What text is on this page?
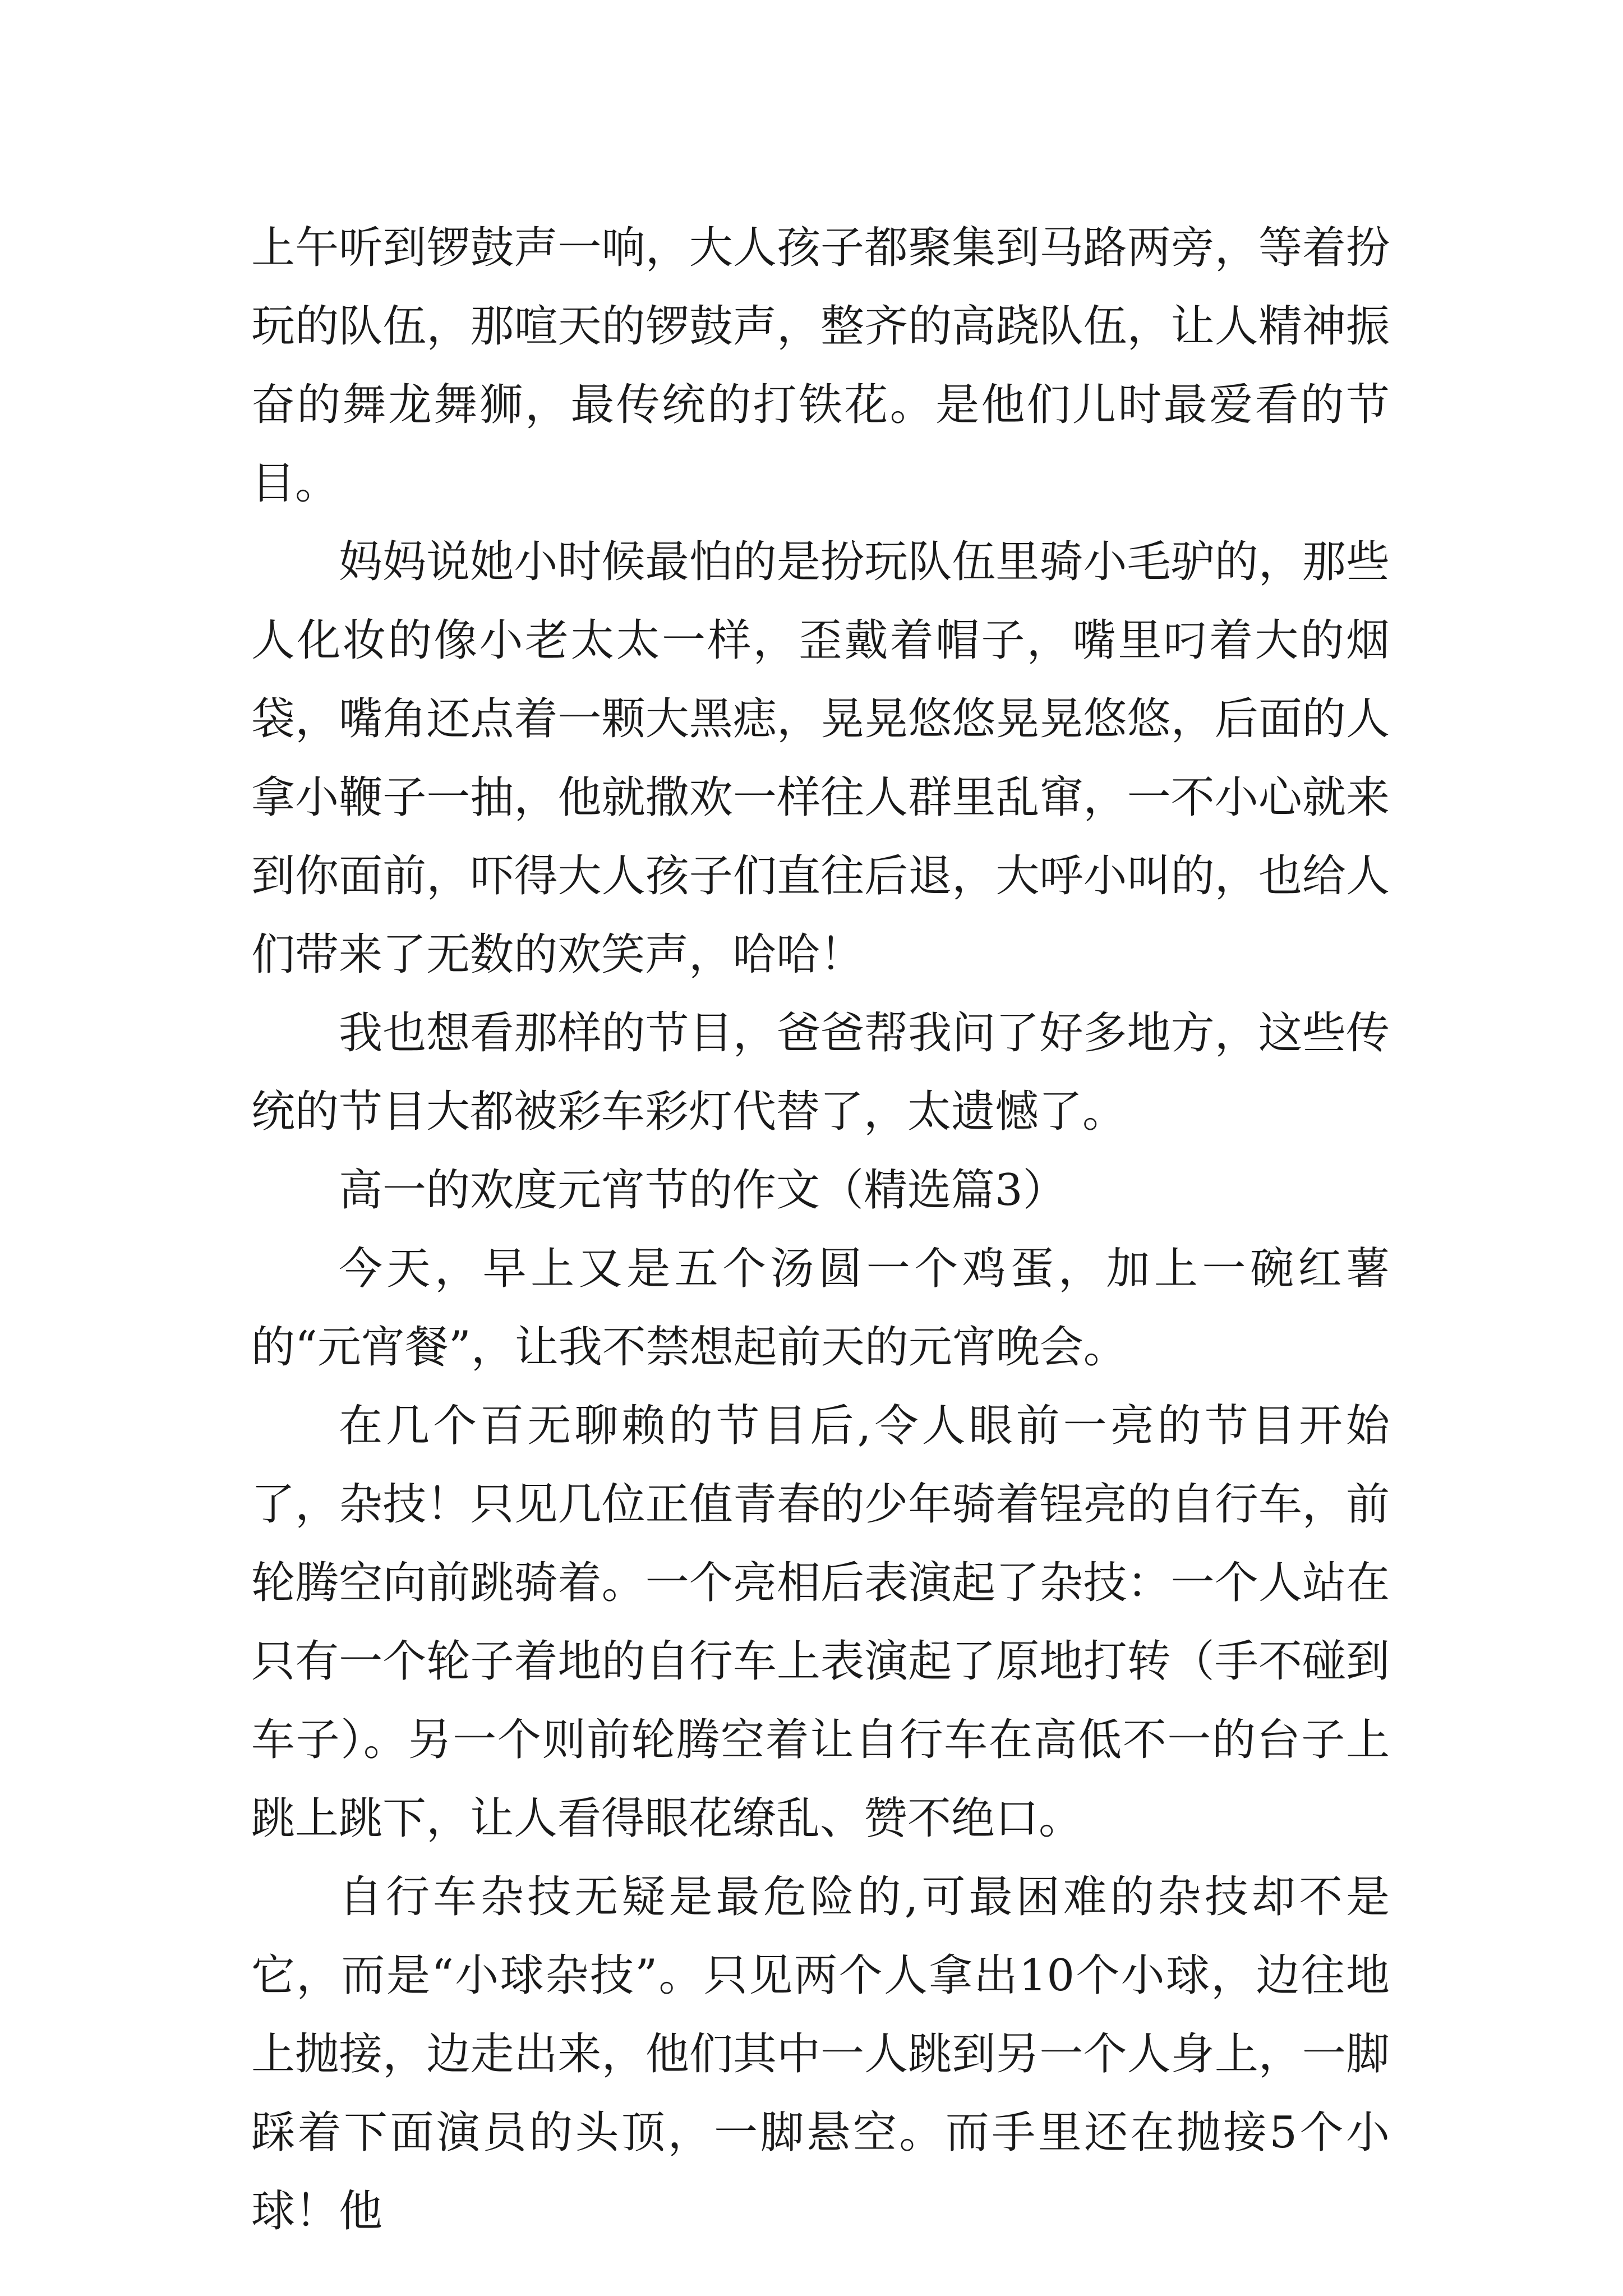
上午听到锣鼓声一响，大人孩子都聚集到马路两旁，等着扮玩的队伍，那喧天的锣鼓声，整齐的高跷队伍，让人精神振奋的舞龙舞狮，最传统的打铁花。是他们儿时最爱看的节目。

妈妈说她小时候最怕的是扮玩队伍里骑小毛驴的，那些人化妆的像小老太太一样，歪戴着帽子，嘴里叼着大的烟袋，嘴角还点着一颗大黑痣，晃晃悠悠晃晃悠悠，后面的人拿小鞭子一抽，他就撒欢一样往人群里乱窜，一不小心就来到你面前，吓得大人孩子们直往后退，大呼小叫的，也给人们带来了无数的欢笑声，哈哈！

我也想看那样的节目，爸爸帮我问了好多地方，这些传统的节目大都被彩车彩灯代替了，太遗憾了。

高一的欢度元宵节的作文（精选篇3）

今天，早上又是五个汤圆一个鸡蛋，加上一碗红薯的“元宵餐”，让我不禁想起前天的元宵晚会。

在几个百无聊赖的节目后,令人眼前一亮的节目开始了，杂技！只见几位正值青春的少年骑着锃亮的自行车，前轮腾空向前跳骑着。一个亮相后表演起了杂技：一个人站在只有一个轮子着地的自行车上表演起了原地打转（手不碰到车子）。另一个则前轮腾空着让自行车在高低不一的台子上跳上跳下，让人看得眼花缭乱、赞不绝口。

自行车杂技无疑是最危险的,可最困难的杂技却不是它，而是“小球杂技”。只见两个人拿出10个小球，边往地上抛接，边走出来，他们其中一人跳到另一个人身上，一脚踩着下面演员的头顶，一脚悬空。而手里还在抛接5个小球！他
